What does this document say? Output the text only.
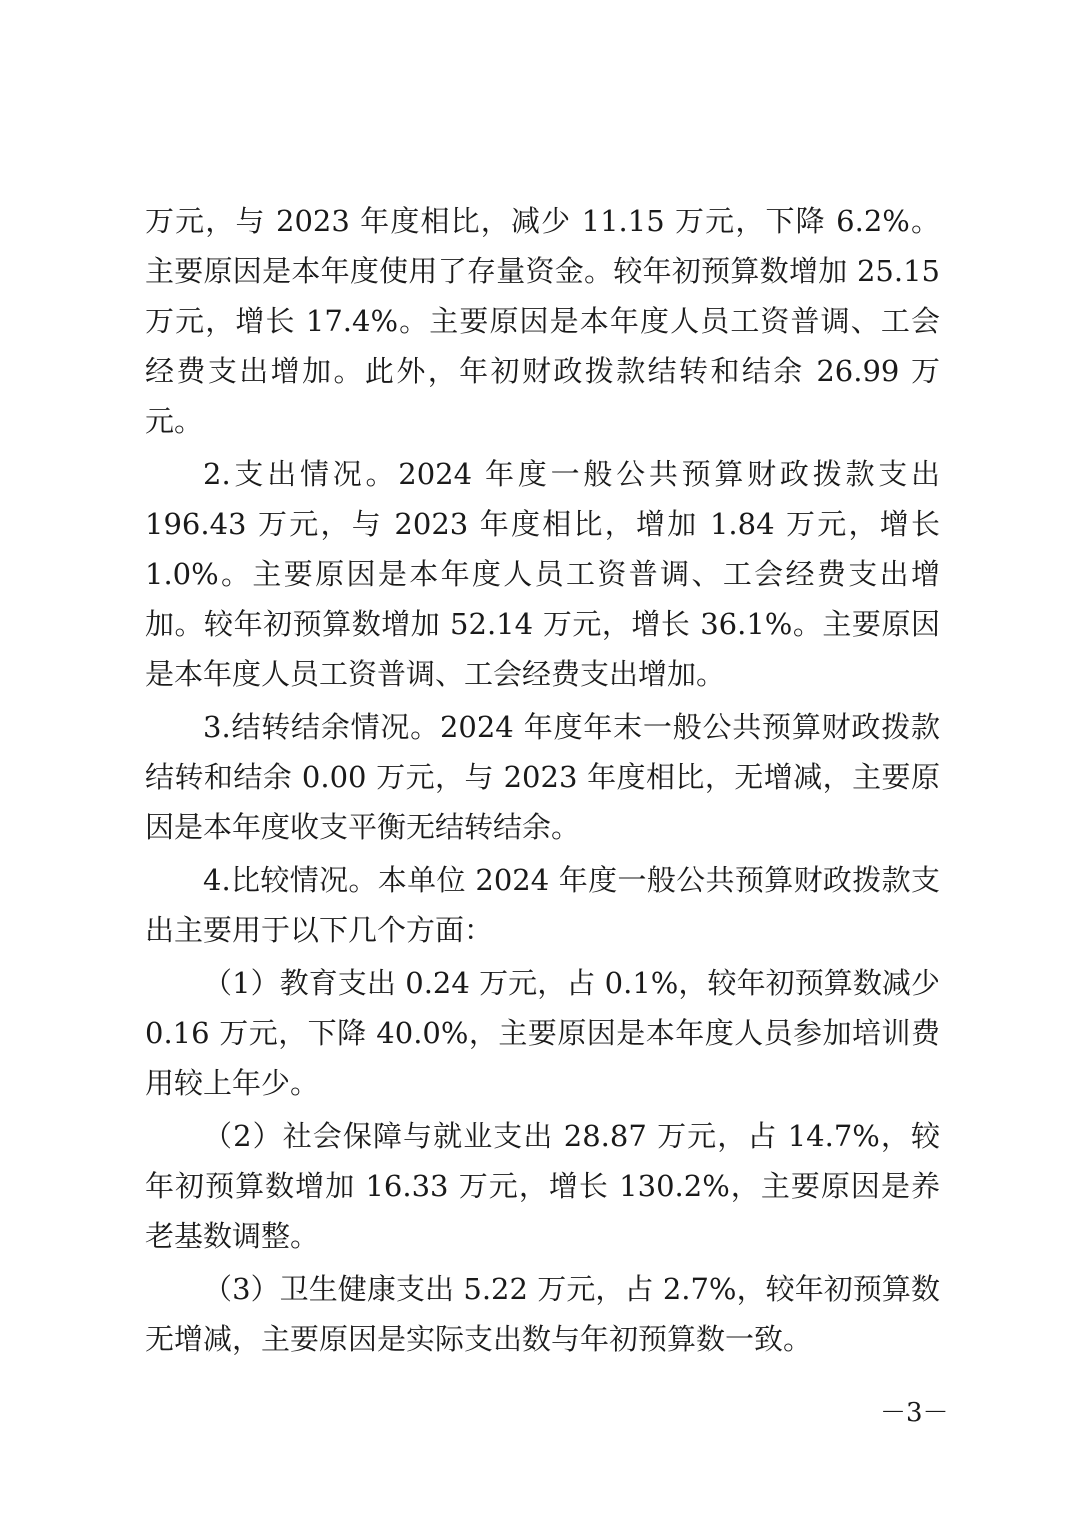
万元，与 2023 年度相比，减少 11.15 万元，下降 6.2%。主要原因是本年度使用了存量资金。较年初预算数增加 25.15 万元，增长 17.4%。主要原因是本年度人员工资普调、工会经费支出增加。此外，年初财政拨款结转和结余 26.99 万元。

2.支出情况。2024 年度一般公共预算财政拨款支出 196.43 万元，与 2023 年度相比，增加 1.84 万元，增长 1.0%。主要原因是本年度人员工资普调、工会经费支出增加。较年初预算数增加 52.14 万元，增长 36.1%。主要原因是本年度人员工资普调、工会经费支出增加。

3.结转结余情况。2024 年度年末一般公共预算财政拨款结转和结余 0.00 万元，与 2023 年度相比，无增减，主要原因是本年度收支平衡无结转结余。

4.比较情况。本单位 2024 年度一般公共预算财政拨款支出主要用于以下几个方面：

（1）教育支出 0.24 万元，占 0.1%，较年初预算数减少 0.16 万元，下降 40.0%，主要原因是本年度人员参加培训费用较上年少。

（2）社会保障与就业支出 28.87 万元，占 14.7%，较年初预算数增加 16.33 万元，增长 130.2%，主要原因是养老基数调整。

（3）卫生健康支出 5.22 万元，占 2.7%，较年初预算数无增减，主要原因是实际支出数与年初预算数一致。

－3－
